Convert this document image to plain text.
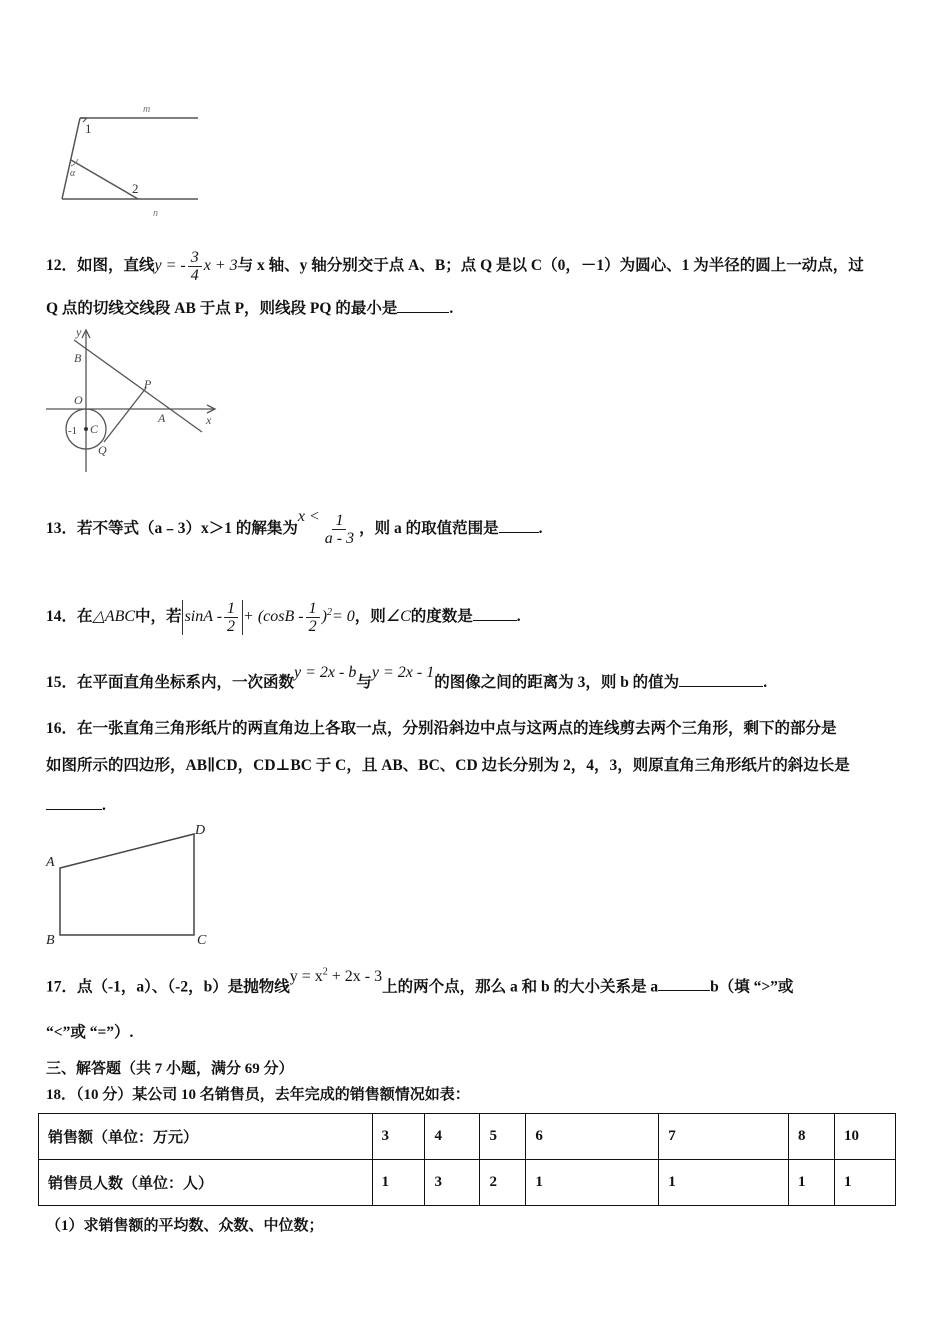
m
n
1
2
α
12．如图，直线y = - $\frac{3}{4}$ x + 3与 x 轴、y 轴分别交于点 A、B；点 Q 是以 C（0，－1）为圆心、1 为半径的圆上一动点，过
Q 点的切线交线段 AB 于点 P，则线段 PQ 的最小是	.
y
x
B
O
P
A
-1 C
Q
13．若不等式（a﹣3）x＞1 的解集为$x < \frac{1}{a - 3}$ ，则 a 的取值范围是	.
14．在△ABC中，若 $\sin A - \frac{1}{2} + (\cos B - \frac{1}{2} )^2= 0$，则∠C的度数是	.
15．在平面直角坐标系内，一次函数y = 2x - b与y = 2x - 1的图像之间的距离为 3，则 b 的值为	.
16．在一张直角三角形纸片的两直角边上各取一点，分别沿斜边中点与这两点的连线剪去两个三角形，剩下的部分是
如图所示的四边形，AB∥CD，CD⊥BC 于 C，且 AB、BC、CD 边长分别为 2，4，3，则原直角三角形纸片的斜边长是
.
A
B	C
D
17．点（-1，a）、（-2，b）是抛物线$y = x^2 + 2x - 3$上的两个点，那么 a 和 b 的大小关系是 a	b（填 “>”或
“<”或 “=”）.
三、解答题（共 7 小题，满分 69 分）
18．（10 分）某公司 10 名销售员，去年完成的销售额情况如表：
销售额（单位：万元）	3	4	5	6	7	8	10
销售员人数（单位：人）	1	3	2	1	1	1	1
（1）求销售额的平均数、众数、中位数；
